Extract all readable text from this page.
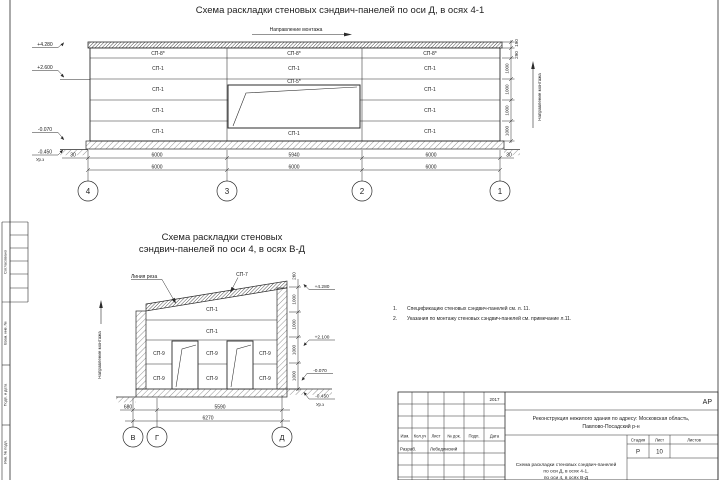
Согласовано
Взам. инв. №
Подп. и дата
Инв. № подл.
Схема раскладки стеновых сэндвич-панелей по оси Д, в осях 4-1
Направление монтажа
СП-8*	СП-8*	СП-8*
СП-1	СП-1	СП-1
СП-1	СП-1
СП-1	СП-1
СП-1	СП-1	СП-1
СП-5*
+4.280
+2.600
-0.070
-0.450
Ур.з
190
290
1000
1000
1000
1000
Направление монтажа
30	6000	5940	6000	30
6000	6000	6000
4	3	2	1
Схема раскладки стеновых
сэндвич-панелей по оси 4, в осях В-Д
Линия реза	СП-7
СП-1
СП-1
СП-9	СП-9	СП-9
СП-9	СП-9	СП-9
Направление монтажа
260
1000
1000
1000
1000
+4.280
+2.100
-0.070
-0.450
Ур.з
680	5590
6270
В	Г	Д
1. Спецификацию стеновых сэндвич-панелей см. л. 11.
2. Указания по монтажу стеновых сэндвич-панелей см. примечание л.11.
Изм. Кол.уч Лист № док. Подп. Дата
2017	АР
Реконструкция нежилого здания по адресу: Московская область,
Павлово-Посадский р-н
Разраб.	Лебединский
Стадия Лист	Листов
Р	10
Схема раскладки стеновых сэндвич-панелей
по оси Д, в осях 4-1,
по оси 4, в осях В-Д
